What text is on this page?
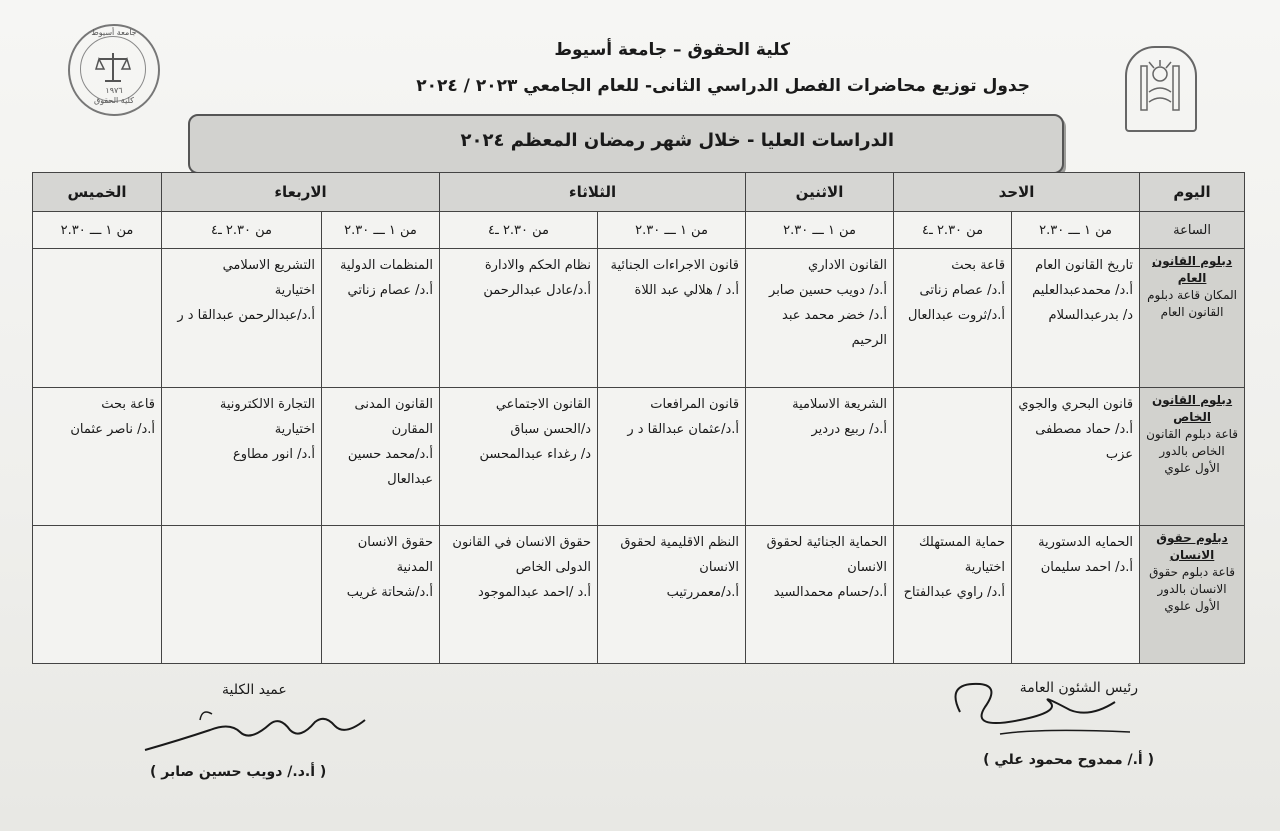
جامعة أسيوط
كلية الحقوق
١٩٧٦
كلية الحقوق – جامعة أسيوط
جدول توزيع محاضرات الفصل الدراسي الثانى- للعام الجامعي ٢٠٢٣ / ٢٠٢٤
الدراسات العليا - خلال شهر رمضان المعظم ٢٠٢٤
اليوم	الاحد		الاثنين	الثلاثاء		الاربعاء		الخميس
الساعة	من ١ ـــ ٢.٣٠	من ٢.٣٠ ـ٤	من ١ ـــ ٢.٣٠	من ١ ـــ ٢.٣٠	من ٢.٣٠ ـ٤	من ١ ـــ ٢.٣٠	من ٢.٣٠ ـ٤	من ١ ـــ ٢.٣٠

دبلوم القانون العام
المكان قاعة دبلوم القانون العام	تاريخ القانون العام
أ.د/ محمدعبدالعليم
د/ بدرعبدالسلام	قاعة بحث
أ.د/ عصام زناتى
أ.د/ثروت عبدالعال	القانون الاداري
أ.د/ دويب حسين صابر
أ.د/ خضر محمد عبد الرحيم	قانون الاجراءات الجنائية
أ.د / هلالي عبد اللاة	نظام الحكم والادارة
أ.د/عادل عبدالرحمن	المنظمات الدولية
أ.د/ عصام زناتي	التشريع الاسلامي
اختيارية
أ.د/عبدالرحمن عبدالقا د ر	

دبلوم القانون الخاص
قاعة دبلوم القانون الخاص بالدور الأول علوي	قانون البحري والجوي
أ.د/ حماد مصطفى عزب		الشريعة الاسلامية
أ.د/ ربيع دردير	قانون المرافعات
أ.د/عثمان عبدالقا د ر	القانون الاجتماعي
د/الحسن سباق
د/ رغداء عبدالمحسن	القانون المدنى المقارن
أ.د/محمد حسين عبدالعال	التجارة الالكترونية
اختيارية
أ.د/ انور مطاوع	قاعة بحث
أ.د/ ناصر عثمان

دبلوم حقوق الانسان
قاعة دبلوم حقوق الانسان بالدور الأول علوي	الحمايه الدستورية
أ.د/ احمد سليمان	حماية المستهلك
اختيارية
أ.د/ راوي عبدالفتاح	الحماية الجنائية لحقوق الانسان
أ.د/حسام محمدالسيد	النظم الاقليمية لحقوق الانسان
أ.د/معمررتيب	حقوق الانسان في القانون الدولى الخاص
أ.د /احمد عبدالموجود	حقوق الانسان المدنية
أ.د/شحاتة غريب		

رئيس الشئون العامة
( أ./ ممدوح محمود علي )
عميد الكلية
( أ.د./ دويب حسين صابر )
